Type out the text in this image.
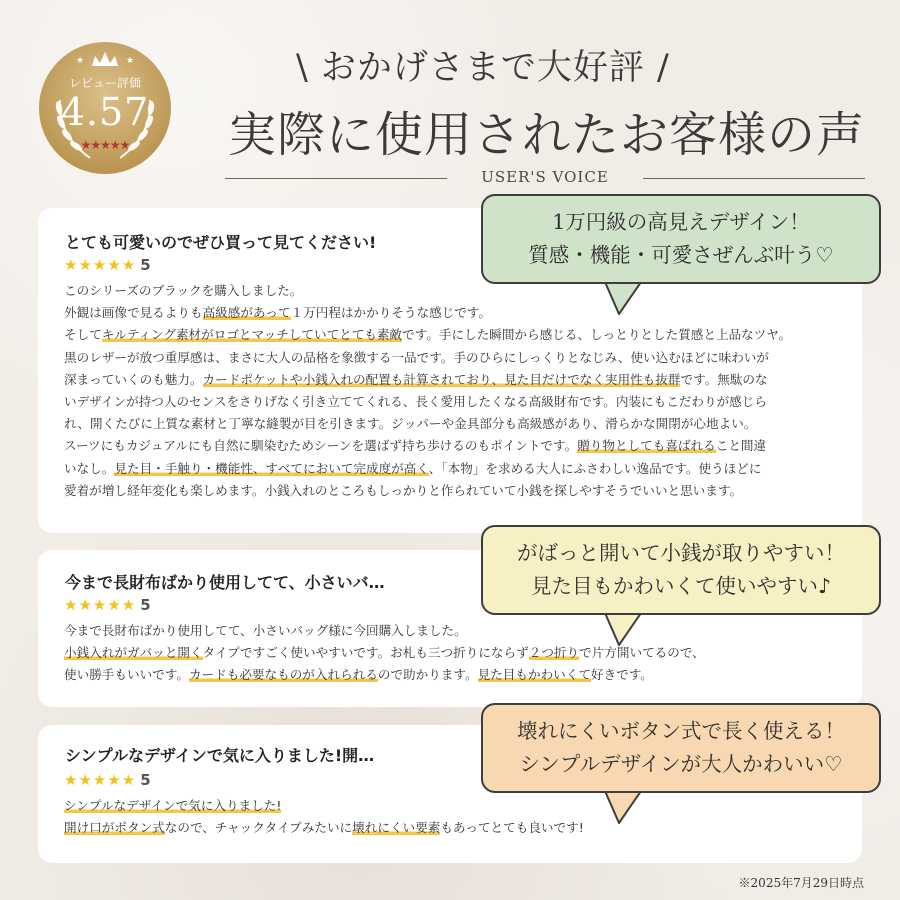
★	★
レビュー評価
4.57
★★★★★
\ おかげさまで大好評 /
実際に使用されたお客様の声
USER'S VOICE
とても可愛いのでぜひ買って見てください!
★★★★★ 5
このシリーズのブラックを購入しました。
外観は画像で見るよりも高級感があって１万円程はかかりそうな感じです。
そしてキルティング素材がロゴとマッチしていてとても素敵です。手にした瞬間から感じる、しっとりとした質感と上品なツヤ。
黒のレザーが放つ重厚感は、まさに大人の品格を象徴する一品です。手のひらにしっくりとなじみ、使い込むほどに味わいが
深まっていくのも魅力。カードポケットや小銭入れの配置も計算されており、見た目だけでなく実用性も抜群です。無駄のな
いデザインが持つ人のセンスをさりげなく引き立ててくれる、長く愛用したくなる高級財布です。内装にもこだわりが感じら
れ、開くたびに上質な素材と丁寧な縫製が目を引きます。ジッパーや金具部分も高級感があり、滑らかな開閉が心地よい。
スーツにもカジュアルにも自然に馴染むためシーンを選ばず持ち歩けるのもポイントです。贈り物としても喜ばれること間違
いなし。見た目・手触り・機能性、すべてにおいて完成度が高く、「本物」を求める大人にふさわしい逸品です。使うほどに
愛着が増し経年変化も楽しめます。小銭入れのところもしっかりと作られていて小銭を探しやすそうでいいと思います。
今まで長財布ばかり使用してて、小さいバ…
★★★★★ 5
今まで長財布ばかり使用してて、小さいバッグ様に今回購入しました。
小銭入れがガバッと開くタイプですごく使いやすいです。お札も三つ折りにならず２つ折りで片方開いてるので、
使い勝手もいいです。カードも必要なものが入れられるので助かります。見た目もかわいくて好きです。
シンプルなデザインで気に入りました!開…
★★★★★ 5
シンプルなデザインで気に入りました!
開け口がボタン式なので、チャックタイプみたいに壊れにくい要素もあってとても良いです!
1万円級の高見えデザイン！
質感・機能・可愛さぜんぶ叶う♡
がばっと開いて小銭が取りやすい！
見た目もかわいくて使いやすい♪
壊れにくいボタン式で長く使える！
シンプルデザインが大人かわいい♡
※2025年7月29日時点
